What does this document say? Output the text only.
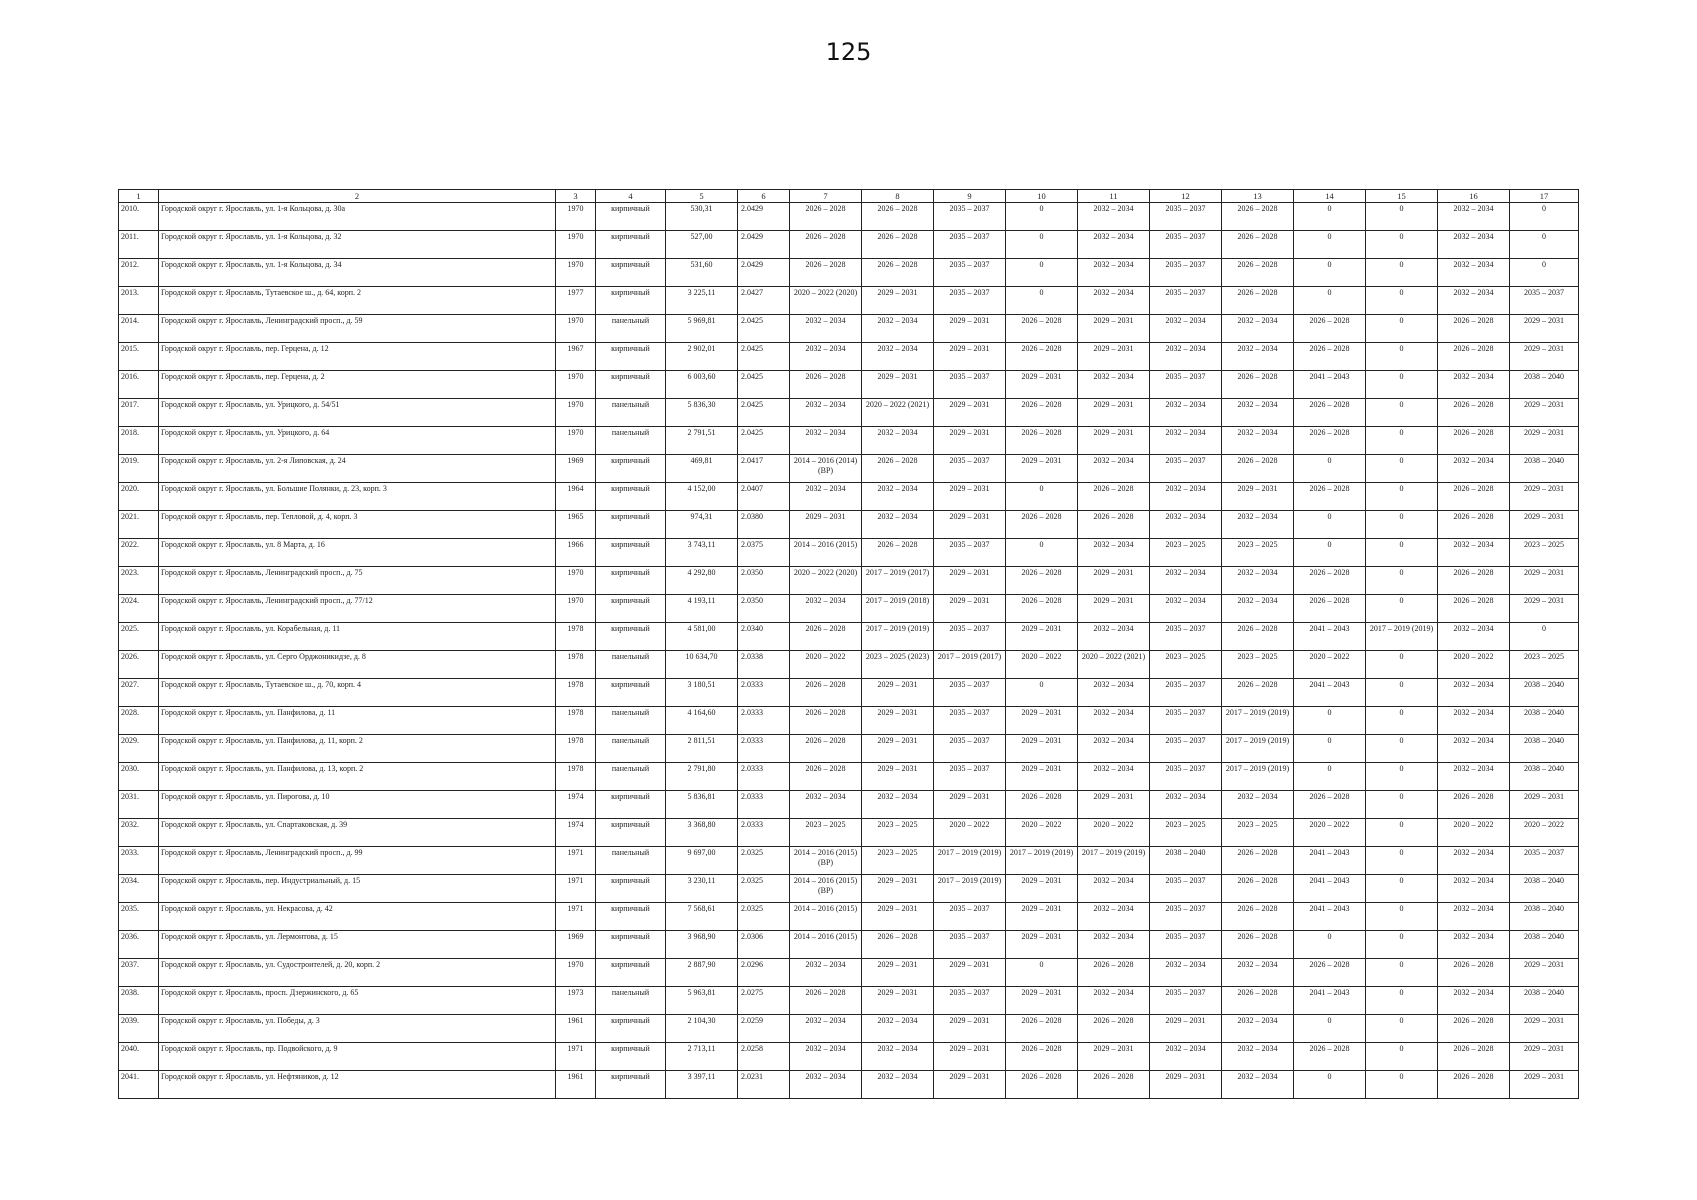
125
1	2	3	4	5	6	7	8	9	10	11	12	13	14	15	16	17
2010.	Городской округ г. Ярославль, ул. 1-я Кольцова, д. 30а	1970	кирпичный	530,31	2.0429	2026 – 2028	2026 – 2028	2035 – 2037	0	2032 – 2034	2035 – 2037	2026 – 2028	0	0	2032 – 2034	0
2011.	Городской округ г. Ярославль, ул. 1-я Кольцова, д. 32	1970	кирпичный	527,00	2.0429	2026 – 2028	2026 – 2028	2035 – 2037	0	2032 – 2034	2035 – 2037	2026 – 2028	0	0	2032 – 2034	0
2012.	Городской округ г. Ярославль, ул. 1-я Кольцова, д. 34	1970	кирпичный	531,60	2.0429	2026 – 2028	2026 – 2028	2035 – 2037	0	2032 – 2034	2035 – 2037	2026 – 2028	0	0	2032 – 2034	0
2013.	Городской округ г. Ярославль, Тутаевское ш., д. 64, корп. 2	1977	кирпичный	3 225,11	2.0427	2020 – 2022 (2020)	2029 – 2031	2035 – 2037	0	2032 – 2034	2035 – 2037	2026 – 2028	0	0	2032 – 2034	2035 – 2037
2014.	Городской округ г. Ярославль, Ленинградский просп., д. 59	1970	панельный	5 969,81	2.0425	2032 – 2034	2032 – 2034	2029 – 2031	2026 – 2028	2029 – 2031	2032 – 2034	2032 – 2034	2026 – 2028	0	2026 – 2028	2029 – 2031
2015.	Городской округ г. Ярославль, пер. Герцена, д. 12	1967	кирпичный	2 902,01	2.0425	2032 – 2034	2032 – 2034	2029 – 2031	2026 – 2028	2029 – 2031	2032 – 2034	2032 – 2034	2026 – 2028	0	2026 – 2028	2029 – 2031
2016.	Городской округ г. Ярославль, пер. Герцена, д. 2	1970	кирпичный	6 003,60	2.0425	2026 – 2028	2029 – 2031	2035 – 2037	2029 – 2031	2032 – 2034	2035 – 2037	2026 – 2028	2041 – 2043	0	2032 – 2034	2038 – 2040
2017.	Городской округ г. Ярославль, ул. Урицкого, д. 54/51	1970	панельный	5 836,30	2.0425	2032 – 2034	2020 – 2022 (2021)	2029 – 2031	2026 – 2028	2029 – 2031	2032 – 2034	2032 – 2034	2026 – 2028	0	2026 – 2028	2029 – 2031
2018.	Городской округ г. Ярославль, ул. Урицкого, д. 64	1970	панельный	2 791,51	2.0425	2032 – 2034	2032 – 2034	2029 – 2031	2026 – 2028	2029 – 2031	2032 – 2034	2032 – 2034	2026 – 2028	0	2026 – 2028	2029 – 2031
2019.	Городской округ г. Ярославль, ул. 2-я Липовская, д. 24	1969	кирпичный	469,81	2.0417	2014 – 2016 (2014) (ВР)	2026 – 2028	2035 – 2037	2029 – 2031	2032 – 2034	2035 – 2037	2026 – 2028	0	0	2032 – 2034	2038 – 2040
2020.	Городской округ г. Ярославль, ул. Большие Полянки, д. 23, корп. 3	1964	кирпичный	4 152,00	2.0407	2032 – 2034	2032 – 2034	2029 – 2031	0	2026 – 2028	2032 – 2034	2029 – 2031	2026 – 2028	0	2026 – 2028	2029 – 2031
2021.	Городской округ г. Ярославль, пер. Тепловой, д. 4, корп. 3	1965	кирпичный	974,31	2.0380	2029 – 2031	2032 – 2034	2029 – 2031	2026 – 2028	2026 – 2028	2032 – 2034	2032 – 2034	0	0	2026 – 2028	2029 – 2031
2022.	Городской округ г. Ярославль, ул. 8 Марта, д. 16	1966	кирпичный	3 743,11	2.0375	2014 – 2016 (2015)	2026 – 2028	2035 – 2037	0	2032 – 2034	2023 – 2025	2023 – 2025	0	0	2032 – 2034	2023 – 2025
2023.	Городской округ г. Ярославль, Ленинградский просп., д. 75	1970	кирпичный	4 292,80	2.0350	2020 – 2022 (2020)	2017 – 2019 (2017)	2029 – 2031	2026 – 2028	2029 – 2031	2032 – 2034	2032 – 2034	2026 – 2028	0	2026 – 2028	2029 – 2031
2024.	Городской округ г. Ярославль, Ленинградский просп., д. 77/12	1970	кирпичный	4 193,11	2.0350	2032 – 2034	2017 – 2019 (2018)	2029 – 2031	2026 – 2028	2029 – 2031	2032 – 2034	2032 – 2034	2026 – 2028	0	2026 – 2028	2029 – 2031
2025.	Городской округ г. Ярославль, ул. Корабельная, д. 11	1978	кирпичный	4 581,00	2.0340	2026 – 2028	2017 – 2019 (2019)	2035 – 2037	2029 – 2031	2032 – 2034	2035 – 2037	2026 – 2028	2041 – 2043	2017 – 2019 (2019)	2032 – 2034	0
2026.	Городской округ г. Ярославль, ул. Серго Орджоникидзе, д. 8	1978	панельный	10 634,70	2.0338	2020 – 2022	2023 – 2025 (2023)	2017 – 2019 (2017)	2020 – 2022	2020 – 2022 (2021)	2023 – 2025	2023 – 2025	2020 – 2022	0	2020 – 2022	2023 – 2025
2027.	Городской округ г. Ярославль, Тутаевское ш., д. 70, корп. 4	1978	кирпичный	3 180,51	2.0333	2026 – 2028	2029 – 2031	2035 – 2037	0	2032 – 2034	2035 – 2037	2026 – 2028	2041 – 2043	0	2032 – 2034	2038 – 2040
2028.	Городской округ г. Ярославль, ул. Панфилова, д. 11	1978	панельный	4 164,60	2.0333	2026 – 2028	2029 – 2031	2035 – 2037	2029 – 2031	2032 – 2034	2035 – 2037	2017 – 2019 (2019)	0	0	2032 – 2034	2038 – 2040
2029.	Городской округ г. Ярославль, ул. Панфилова, д. 11, корп. 2	1978	панельный	2 811,51	2.0333	2026 – 2028	2029 – 2031	2035 – 2037	2029 – 2031	2032 – 2034	2035 – 2037	2017 – 2019 (2019)	0	0	2032 – 2034	2038 – 2040
2030.	Городской округ г. Ярославль, ул. Панфилова, д. 13, корп. 2	1978	панельный	2 791,80	2.0333	2026 – 2028	2029 – 2031	2035 – 2037	2029 – 2031	2032 – 2034	2035 – 2037	2017 – 2019 (2019)	0	0	2032 – 2034	2038 – 2040
2031.	Городской округ г. Ярославль, ул. Пирогова, д. 10	1974	кирпичный	5 836,81	2.0333	2032 – 2034	2032 – 2034	2029 – 2031	2026 – 2028	2029 – 2031	2032 – 2034	2032 – 2034	2026 – 2028	0	2026 – 2028	2029 – 2031
2032.	Городской округ г. Ярославль, ул. Спартаковская, д. 39	1974	кирпичный	3 368,80	2.0333	2023 – 2025	2023 – 2025	2020 – 2022	2020 – 2022	2020 – 2022	2023 – 2025	2023 – 2025	2020 – 2022	0	2020 – 2022	2020 – 2022
2033.	Городской округ г. Ярославль, Ленинградский просп., д. 99	1971	панельный	9 697,00	2.0325	2014 – 2016 (2015) (ВР)	2023 – 2025	2017 – 2019 (2019)	2017 – 2019 (2019)	2017 – 2019 (2019)	2038 – 2040	2026 – 2028	2041 – 2043	0	2032 – 2034	2035 – 2037
2034.	Городской округ г. Ярославль, пер. Индустриальный, д. 15	1971	кирпичный	3 230,11	2.0325	2014 – 2016 (2015) (ВР)	2029 – 2031	2017 – 2019 (2019)	2029 – 2031	2032 – 2034	2035 – 2037	2026 – 2028	2041 – 2043	0	2032 – 2034	2038 – 2040
2035.	Городской округ г. Ярославль, ул. Некрасова, д. 42	1971	кирпичный	7 568,61	2.0325	2014 – 2016 (2015)	2029 – 2031	2035 – 2037	2029 – 2031	2032 – 2034	2035 – 2037	2026 – 2028	2041 – 2043	0	2032 – 2034	2038 – 2040
2036.	Городской округ г. Ярославль, ул. Лермонтова, д. 15	1969	кирпичный	3 968,90	2.0306	2014 – 2016 (2015)	2026 – 2028	2035 – 2037	2029 – 2031	2032 – 2034	2035 – 2037	2026 – 2028	0	0	2032 – 2034	2038 – 2040
2037.	Городской округ г. Ярославль, ул. Судостроителей, д. 20, корп. 2	1970	кирпичный	2 887,90	2.0296	2032 – 2034	2029 – 2031	2029 – 2031	0	2026 – 2028	2032 – 2034	2032 – 2034	2026 – 2028	0	2026 – 2028	2029 – 2031
2038.	Городской округ г. Ярославль, просп. Дзержинского, д. 65	1973	панельный	5 963,81	2.0275	2026 – 2028	2029 – 2031	2035 – 2037	2029 – 2031	2032 – 2034	2035 – 2037	2026 – 2028	2041 – 2043	0	2032 – 2034	2038 – 2040
2039.	Городской округ г. Ярославль, ул. Победы, д. 3	1961	кирпичный	2 104,30	2.0259	2032 – 2034	2032 – 2034	2029 – 2031	2026 – 2028	2026 – 2028	2029 – 2031	2032 – 2034	0	0	2026 – 2028	2029 – 2031
2040.	Городской округ г. Ярославль, пр. Подвойского, д. 9	1971	кирпичный	2 713,11	2.0258	2032 – 2034	2032 – 2034	2029 – 2031	2026 – 2028	2029 – 2031	2032 – 2034	2032 – 2034	2026 – 2028	0	2026 – 2028	2029 – 2031
2041.	Городской округ г. Ярославль, ул. Нефтяников, д. 12	1961	кирпичный	3 397,11	2.0231	2032 – 2034	2032 – 2034	2029 – 2031	2026 – 2028	2026 – 2028	2029 – 2031	2032 – 2034	0	0	2026 – 2028	2029 – 2031
